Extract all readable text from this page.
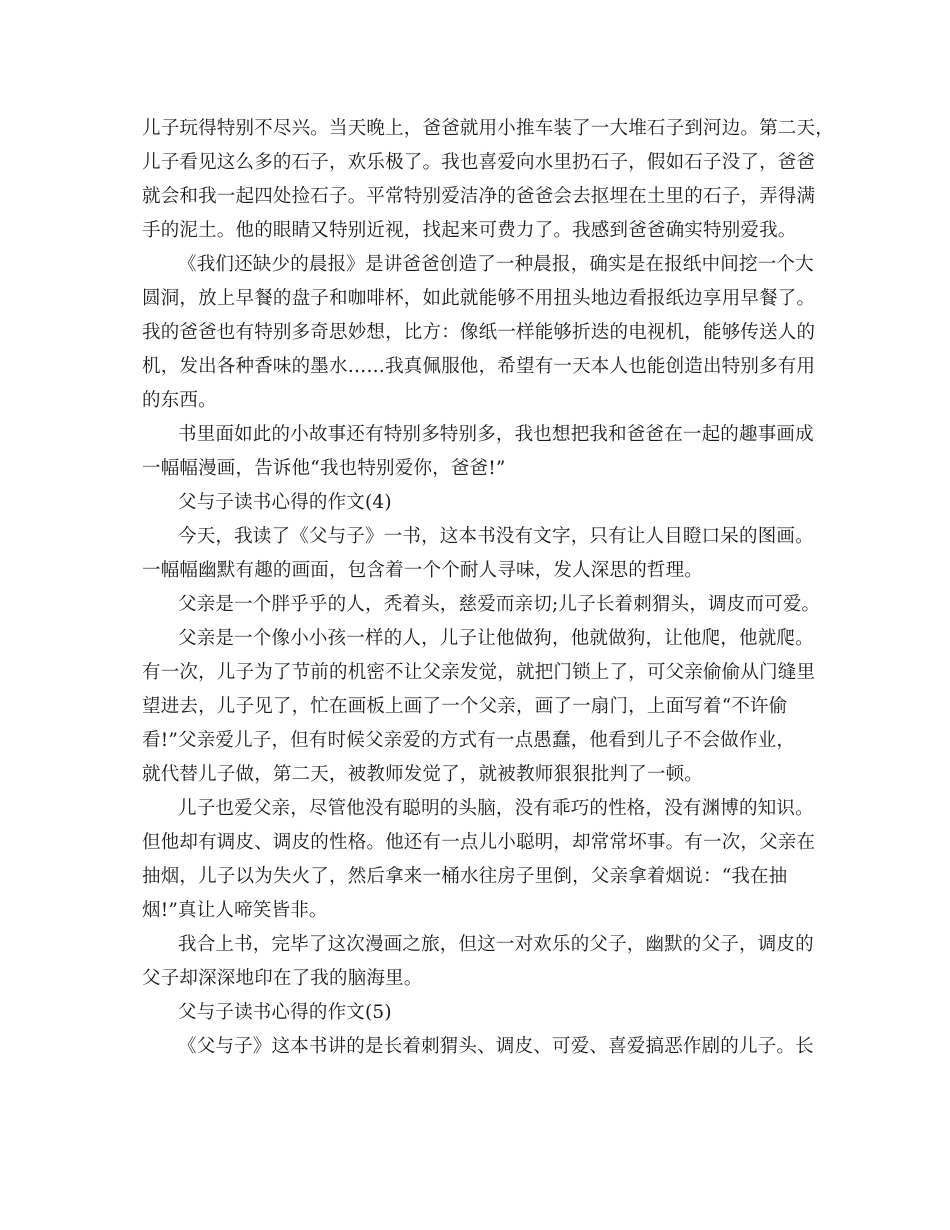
儿子玩得特别不尽兴。当天晚上，爸爸就用小推车装了一大堆石子到河边。第二天，
儿子看见这么多的石子，欢乐极了。我也喜爱向水里扔石子，假如石子没了，爸爸
就会和我一起四处捡石子。平常特别爱洁净的爸爸会去抠埋在土里的石子，弄得满
手的泥土。他的眼睛又特别近视，找起来可费力了。我感到爸爸确实特别爱我。
《我们还缺少的晨报》是讲爸爸创造了一种晨报，确实是在报纸中间挖一个大
圆洞，放上早餐的盘子和咖啡杯，如此就能够不用扭头地边看报纸边享用早餐了。
我的爸爸也有特别多奇思妙想，比方：像纸一样能够折迭的电视机，能够传送人的
机，发出各种香味的墨水……我真佩服他，希望有一天本人也能创造出特别多有用
的东西。
书里面如此的小故事还有特别多特别多，我也想把我和爸爸在一起的趣事画成
一幅幅漫画，告诉他“我也特别爱你，爸爸!”
父与子读书心得的作文(4)
今天，我读了《父与子》一书，这本书没有文字，只有让人目瞪口呆的图画。
一幅幅幽默有趣的画面，包含着一个个耐人寻味，发人深思的哲理。
父亲是一个胖乎乎的人，秃着头，慈爱而亲切;儿子长着刺猬头，调皮而可爱。
父亲是一个像小小孩一样的人，儿子让他做狗，他就做狗，让他爬，他就爬。
有一次，儿子为了节前的机密不让父亲发觉，就把门锁上了，可父亲偷偷从门缝里
望进去，儿子见了，忙在画板上画了一个父亲，画了一扇门，上面写着“不许偷
看!”父亲爱儿子，但有时候父亲爱的方式有一点愚蠢，他看到儿子不会做作业，
就代替儿子做，第二天，被教师发觉了，就被教师狠狠批判了一顿。
儿子也爱父亲，尽管他没有聪明的头脑，没有乖巧的性格，没有渊博的知识。
但他却有调皮、调皮的性格。他还有一点儿小聪明，却常常坏事。有一次，父亲在
抽烟，儿子以为失火了，然后拿来一桶水往房子里倒，父亲拿着烟说：“我在抽
烟!”真让人啼笑皆非。
我合上书，完毕了这次漫画之旅，但这一对欢乐的父子，幽默的父子，调皮的
父子却深深地印在了我的脑海里。
父与子读书心得的作文(5)
《父与子》这本书讲的是长着刺猬头、调皮、可爱、喜爱搞恶作剧的儿子。长
